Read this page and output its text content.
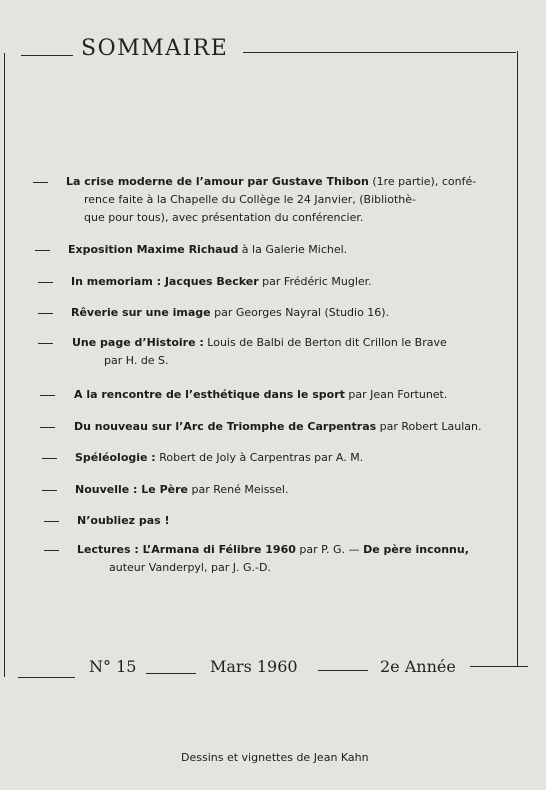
SOMMAIRE
La crise moderne de l’amour par Gustave Thibon (1re partie), confé-
rence faite à la Chapelle du Collège le 24 Janvier, (Bibliothè-
que pour tous), avec présentation du conférencier.
Exposition Maxime Richaud à la Galerie Michel.
In memoriam : Jacques Becker par Frédéric Mugler.
Rêverie sur une image par Georges Nayral (Studio 16).
Une page d’Histoire : Louis de Balbi de Berton dit Crillon le Brave
par H. de S.
A la rencontre de l’esthétique dans le sport par Jean Fortunet.
Du nouveau sur l’Arc de Triomphe de Carpentras par Robert Laulan.
Spéléologie : Robert de Joly à Carpentras par A. M.
Nouvelle : Le Père par René Meissel.
N’oubliez pas !
Lectures : L’Armana di Félibre 1960 par P. G. — De père inconnu,
auteur Vanderpyl, par J. G.-D.
N° 15	Mars 1960	2e Année
Dessins et vignettes de Jean Kahn
